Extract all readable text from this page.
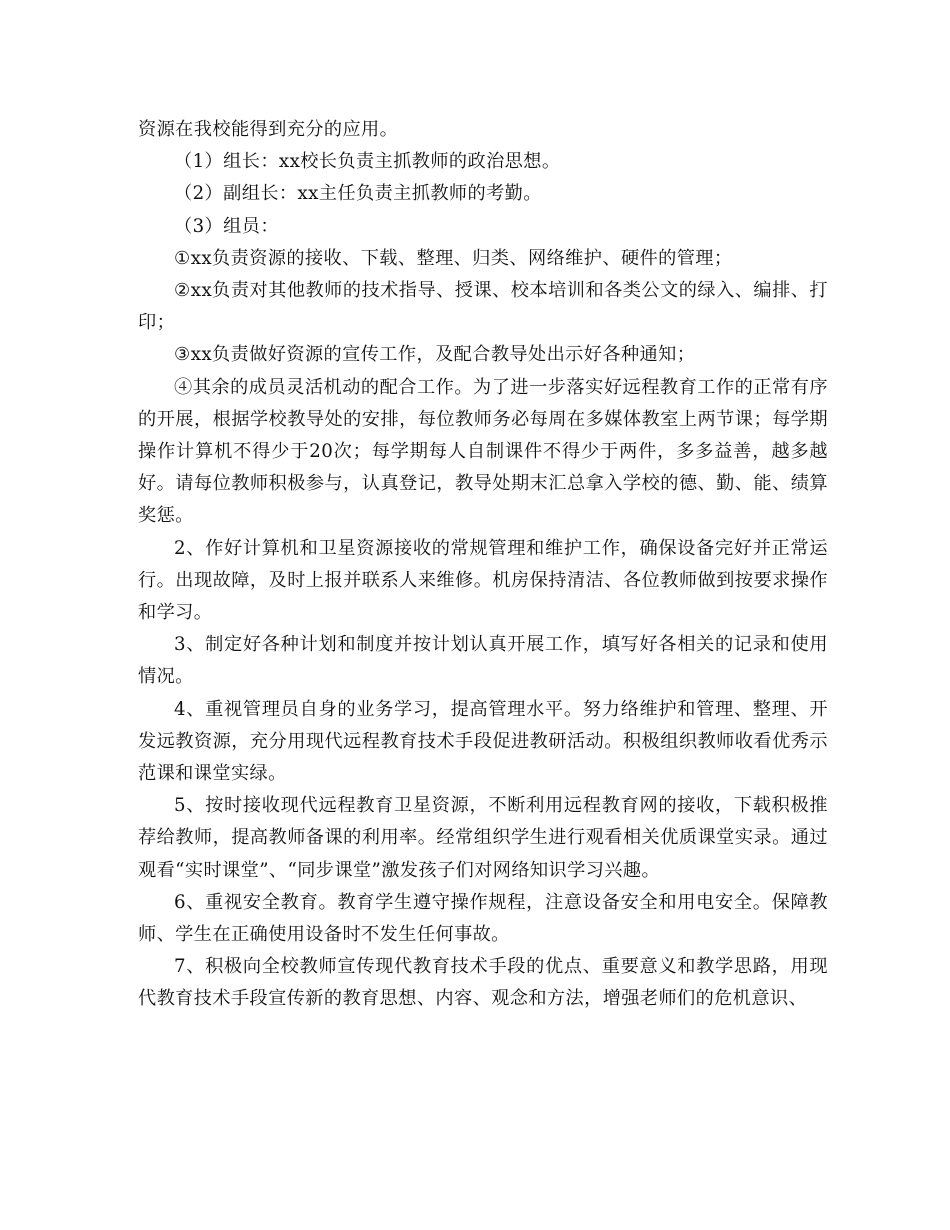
资源在我校能得到充分的应用。

（1）组长：xx校长负责主抓教师的政治思想。

（2）副组长：xx主任负责主抓教师的考勤。

（3）组员：

①xx负责资源的接收、下载、整理、归类、网络维护、硬件的管理；

②xx负责对其他教师的技术指导、授课、校本培训和各类公文的绿入、编排、打印；

③xx负责做好资源的宣传工作，及配合教导处出示好各种通知；

④其余的成员灵活机动的配合工作。为了进一步落实好远程教育工作的正常有序的开展，根据学校教导处的安排，每位教师务必每周在多媒体教室上两节课；每学期操作计算机不得少于20次；每学期每人自制课件不得少于两件，多多益善，越多越好。请每位教师积极参与，认真登记，教导处期末汇总拿入学校的德、勤、能、绩算奖惩。

2、作好计算机和卫星资源接收的常规管理和维护工作，确保设备完好并正常运行。出现故障，及时上报并联系人来维修。机房保持清洁、各位教师做到按要求操作和学习。

3、制定好各种计划和制度并按计划认真开展工作，填写好各相关的记录和使用情况。

4、重视管理员自身的业务学习，提高管理水平。努力络维护和管理、整理、开发远教资源，充分用现代远程教育技术手段促进教研活动。积极组织教师收看优秀示范课和课堂实绿。

5、按时接收现代远程教育卫星资源，不断利用远程教育网的接收，下载积极推荐给教师，提高教师备课的利用率。经常组织学生进行观看相关优质课堂实录。通过观看“实时课堂”、“同步课堂”激发孩子们对网络知识学习兴趣。

6、重视安全教育。教育学生遵守操作规程，注意设备安全和用电安全。保障教师、学生在正确使用设备时不发生任何事故。

7、积极向全校教师宣传现代教育技术手段的优点、重要意义和教学思路，用现代教育技术手段宣传新的教育思想、内容、观念和方法，增强老师们的危机意识、
